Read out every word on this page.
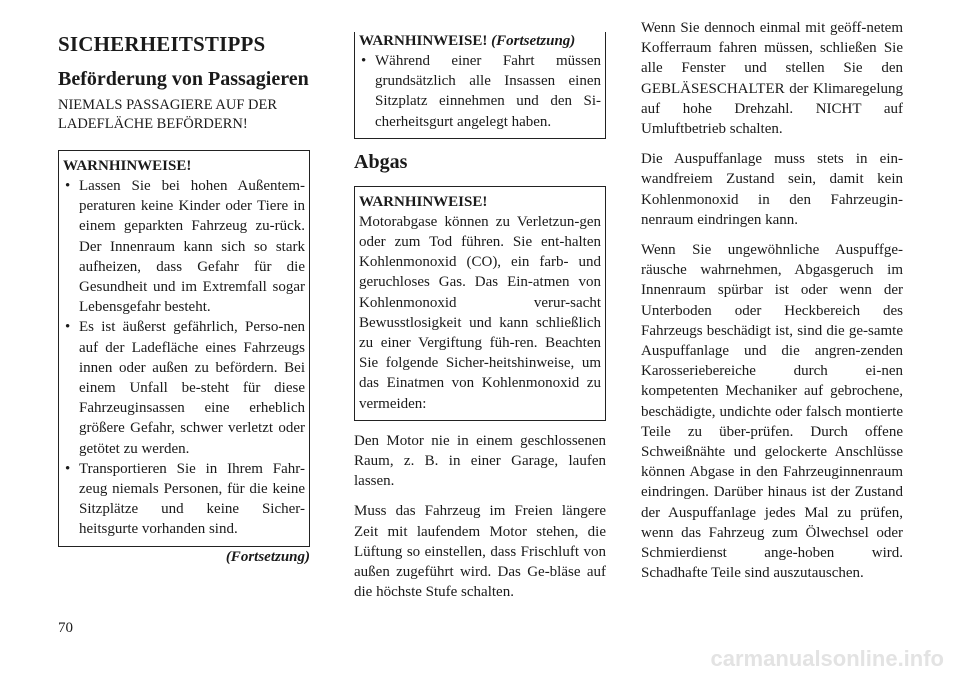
SICHERHEITSTIPPS
Beförderung von Passagieren

NIEMALS PASSAGIERE AUF DER LADEFLÄCHE BEFÖRDERN!

WARNHINWEISE!
• Lassen Sie bei hohen Außentem-peraturen keine Kinder oder Tiere in einem geparkten Fahrzeug zu-rück. Der Innenraum kann sich so stark aufheizen, dass Gefahr für die Gesundheit und im Extremfall sogar Lebensgefahr besteht.
• Es ist äußerst gefährlich, Perso-nen auf der Ladefläche eines Fahrzeugs innen oder außen zu befördern. Bei einem Unfall be-steht für diese Fahrzeuginsassen eine erheblich größere Gefahr, schwer verletzt oder getötet zu werden.
• Transportieren Sie in Ihrem Fahr-zeug niemals Personen, für die keine Sitzplätze und keine Sicher-heitsgurte vorhanden sind.
(Fortsetzung)
WARNHINWEISE! (Fortsetzung)
• Während einer Fahrt müssen grundsätzlich alle Insassen einen Sitzplatz einnehmen und den Si-cherheitsgurt angelegt haben.
Abgas
WARNHINWEISE!

Motorabgase können zu Verletzun-gen oder zum Tod führen. Sie ent-halten Kohlenmonoxid (CO), ein farb- und geruchloses Gas. Das Ein-atmen von Kohlenmonoxid verur-sacht Bewusstlosigkeit und kann schließlich zu einer Vergiftung füh-ren. Beachten Sie folgende Sicher-heitshinweise, um das Einatmen von Kohlenmonoxid zu vermeiden:

Den Motor nie in einem geschlossenen Raum, z. B. in einer Garage, laufen lassen.

Muss das Fahrzeug im Freien längere Zeit mit laufendem Motor stehen, die Lüftung so einstellen, dass Frischluft von außen zugeführt wird. Das Ge-bläse auf die höchste Stufe schalten.

Wenn Sie dennoch einmal mit geöff-netem Kofferraum fahren müssen, schließen Sie alle Fenster und stellen Sie den GEBLÄSESCHALTER der Klimaregelung auf hohe Drehzahl. NICHT auf Umluftbetrieb schalten.

Die Auspuffanlage muss stets in ein-wandfreiem Zustand sein, damit kein Kohlenmonoxid in den Fahrzeugin-nenraum eindringen kann.

Wenn Sie ungewöhnliche Auspuffge-räusche wahrnehmen, Abgasgeruch im Innenraum spürbar ist oder wenn der Unterboden oder Heckbereich des Fahrzeugs beschädigt ist, sind die ge-samte Auspuffanlage und die angren-zenden Karosseriebereiche durch ei-nen kompetenten Mechaniker auf gebrochene, beschädigte, undichte oder falsch montierte Teile zu über-prüfen. Durch offene Schweißnähte und gelockerte Anschlüsse können Abgase in den Fahrzeuginnenraum eindringen. Darüber hinaus ist der Zustand der Auspuffanlage jedes Mal zu prüfen, wenn das Fahrzeug zum Ölwechsel oder Schmierdienst ange-hoben wird. Schadhafte Teile sind auszutauschen.

70
carmanualsonline.info
